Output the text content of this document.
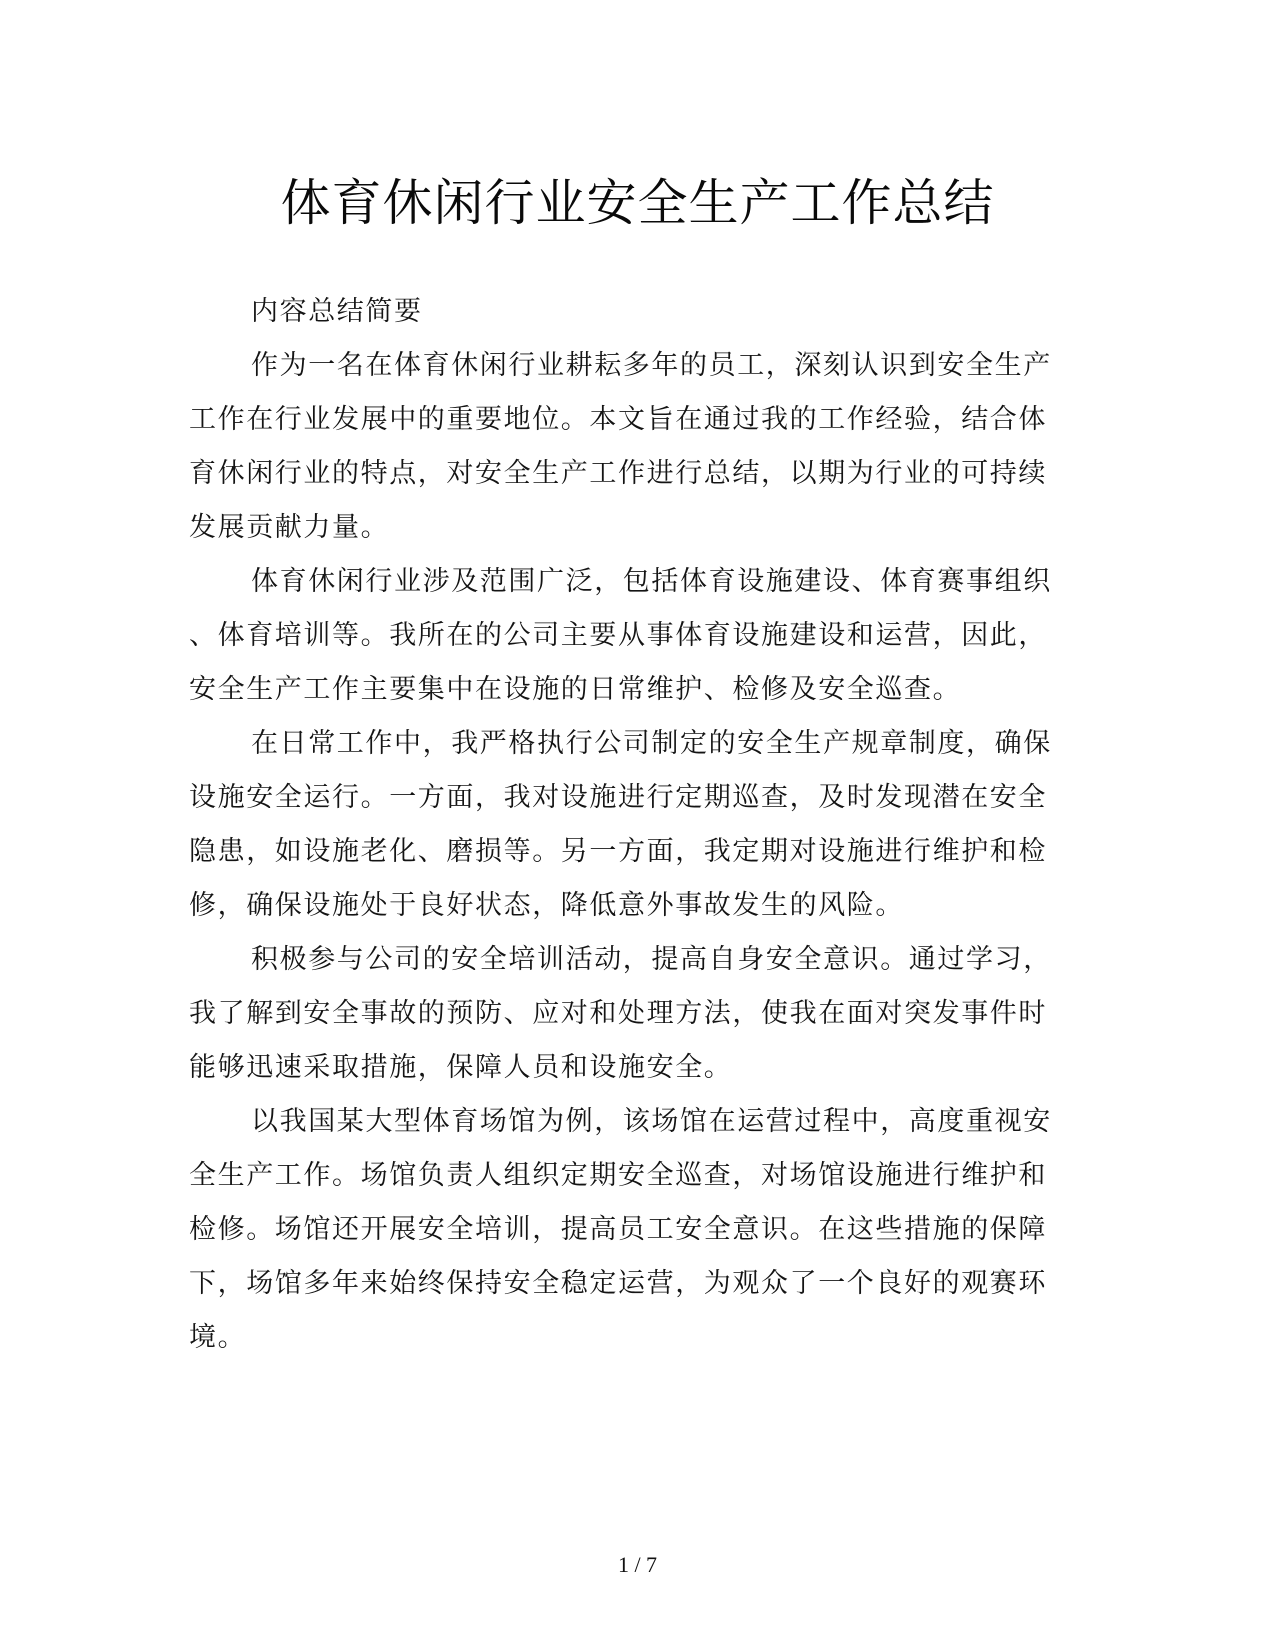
体育休闲行业安全生产工作总结
内容总结简要
作为一名在体育休闲行业耕耘多年的员工，深刻认识到安全生产
工作在行业发展中的重要地位。本文旨在通过我的工作经验，结合体
育休闲行业的特点，对安全生产工作进行总结，以期为行业的可持续
发展贡献力量。
体育休闲行业涉及范围广泛，包括体育设施建设、体育赛事组织
、体育培训等。我所在的公司主要从事体育设施建设和运营，因此，
安全生产工作主要集中在设施的日常维护、检修及安全巡查。
在日常工作中，我严格执行公司制定的安全生产规章制度，确保
设施安全运行。一方面，我对设施进行定期巡查，及时发现潜在安全
隐患，如设施老化、磨损等。另一方面，我定期对设施进行维护和检
修，确保设施处于良好状态，降低意外事故发生的风险。
积极参与公司的安全培训活动，提高自身安全意识。通过学习，
我了解到安全事故的预防、应对和处理方法，使我在面对突发事件时
能够迅速采取措施，保障人员和设施安全。
以我国某大型体育场馆为例，该场馆在运营过程中，高度重视安
全生产工作。场馆负责人组织定期安全巡查，对场馆设施进行维护和
检修。场馆还开展安全培训，提高员工安全意识。在这些措施的保障
下，场馆多年来始终保持安全稳定运营，为观众了一个良好的观赛环
境。
1 / 7
